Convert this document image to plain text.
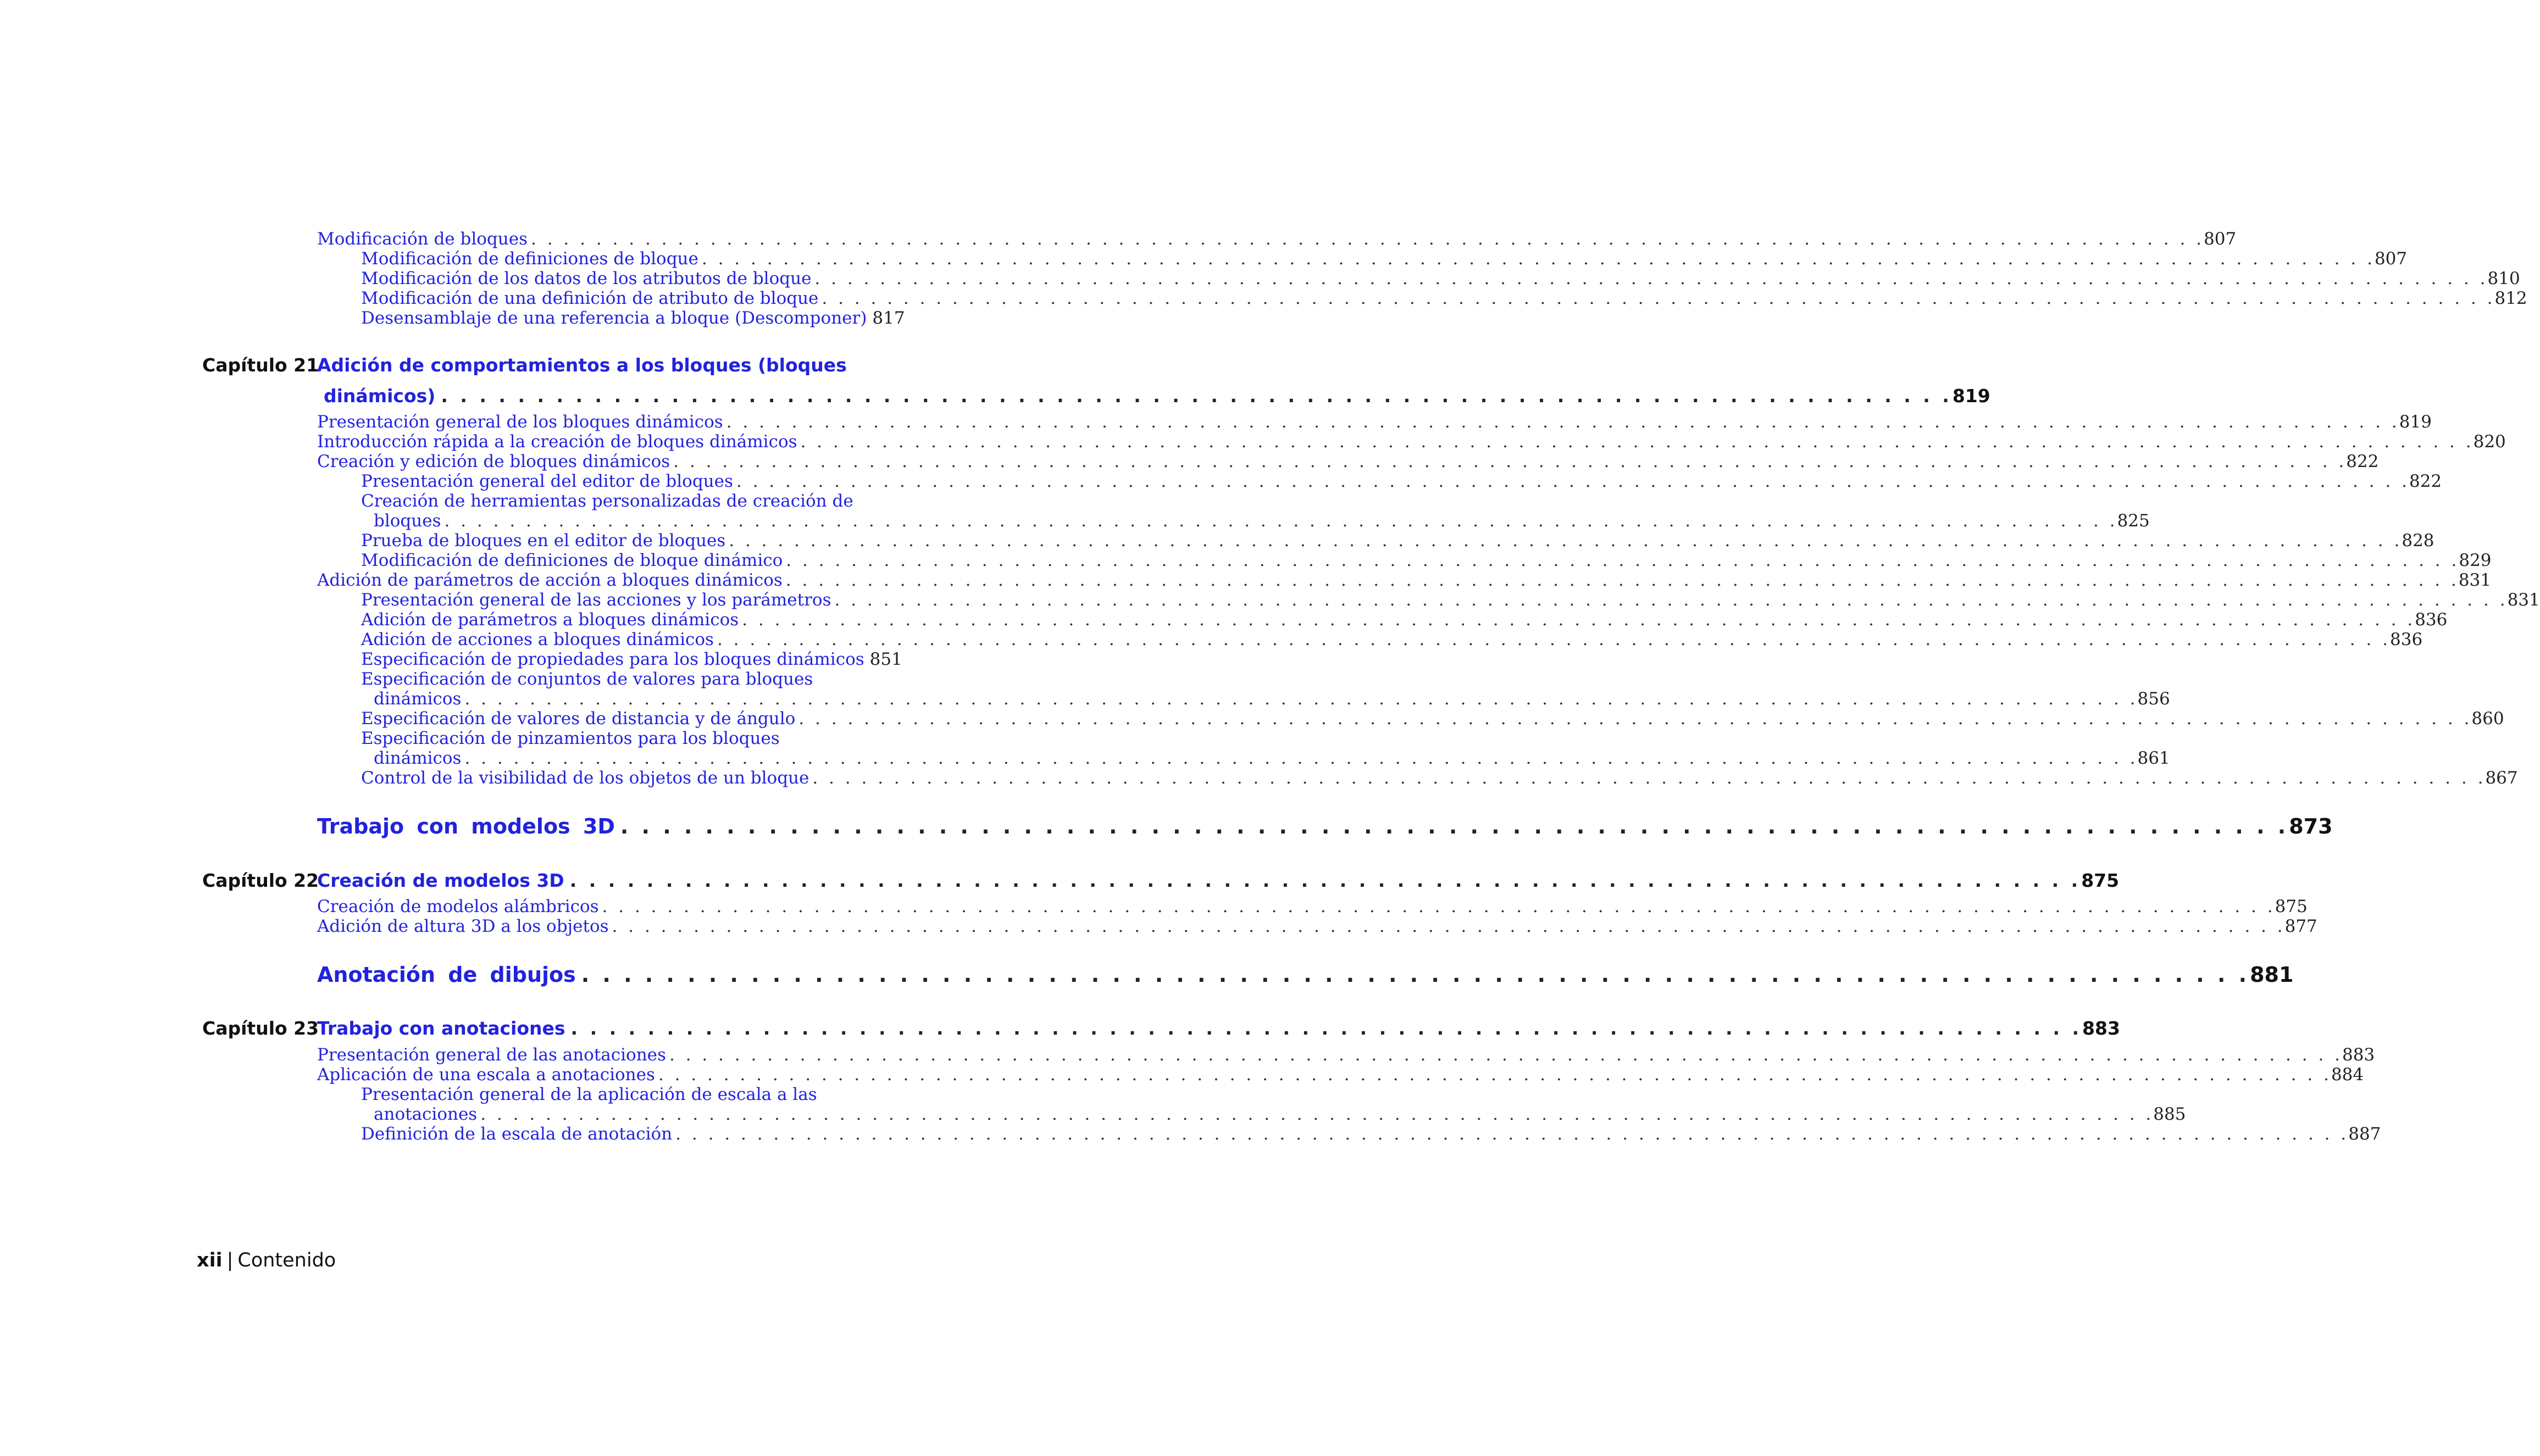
Modificación de bloques . . .	807
Modificación de definiciones de bloque . . .	807
Modificación de los datos de los atributos de bloque . . .	810
Modificación de una definición de atributo de bloque . . .	812
Desensamblaje de una referencia a bloque (Descomponer) 817
Capítulo 21
Adición de comportamientos a los bloques (bloques
dinámicos) . . .	819
Presentación general de los bloques dinámicos . . .	819
Introducción rápida a la creación de bloques dinámicos . . .	820
Creación y edición de bloques dinámicos . . .	822
Presentación general del editor de bloques . . .	822
Creación de herramientas personalizadas de creación de
bloques . . .	825
Prueba de bloques en el editor de bloques . . .	828
Modificación de definiciones de bloque dinámico . . .	829
Adición de parámetros de acción a bloques dinámicos . . .	831
Presentación general de las acciones y los parámetros . . .	831
Adición de parámetros a bloques dinámicos . . .	836
Adición de acciones a bloques dinámicos . . .	836
Especificación de propiedades para los bloques dinámicos 851
Especificación de conjuntos de valores para bloques
dinámicos . . .	856
Especificación de valores de distancia y de ángulo . . .	860
Especificación de pinzamientos para los bloques
dinámicos . . .	861
Control de la visibilidad de los objetos de un bloque . . .	867
Trabajo con modelos 3D . . .	873
Capítulo 22
Creación de modelos 3D . . .	875
Creación de modelos alámbricos . . .	875
Adición de altura 3D a los objetos . . .	877
Anotación de dibujos . . .	881
Capítulo 23
Trabajo con anotaciones . . .	883
Presentación general de las anotaciones . . .	883
Aplicación de una escala a anotaciones . . .	884
Presentación general de la aplicación de escala a las
anotaciones . . .	885
Definición de la escala de anotación . . .	887
xii | Contenido
